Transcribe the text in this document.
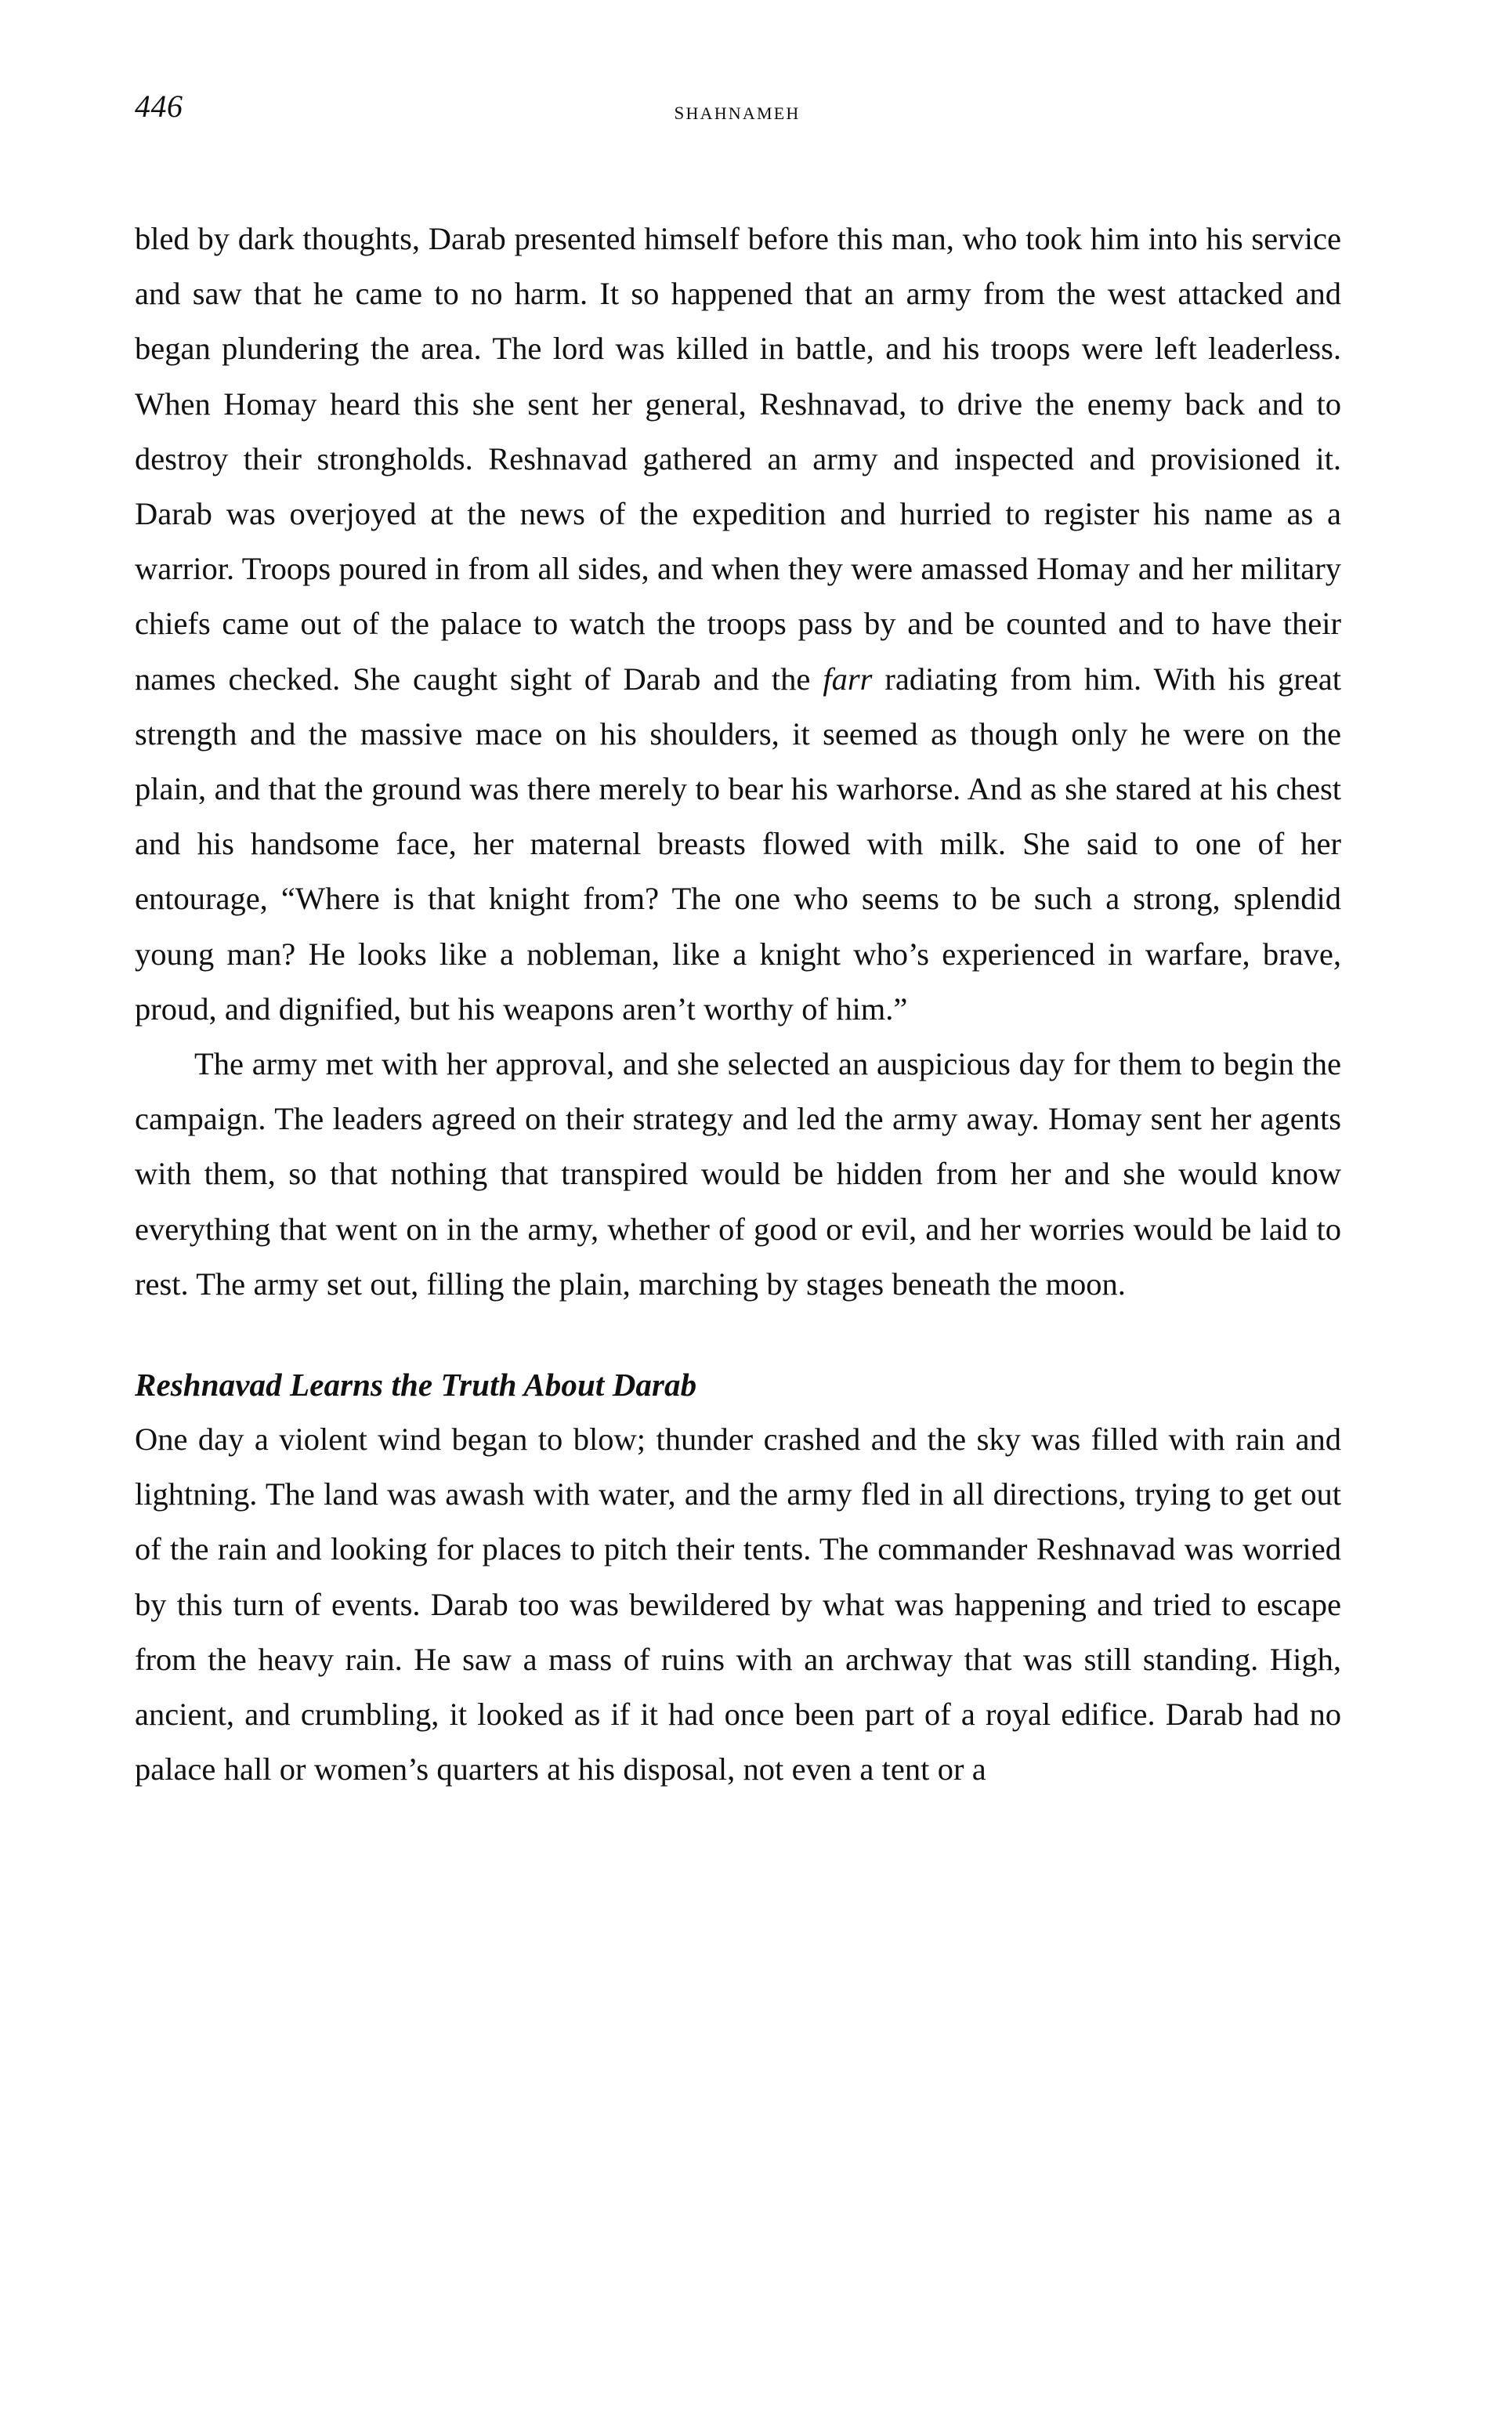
446	shahnameh

bled by dark thoughts, Darab presented himself before this man, who took him into his service and saw that he came to no harm. It so happened that an army from the west attacked and began plundering the area. The lord was killed in battle, and his troops were left leaderless. When Homay heard this she sent her general, Reshnavad, to drive the enemy back and to destroy their strongholds. Reshnavad gathered an army and inspected and provisioned it. Darab was overjoyed at the news of the expedition and hurried to register his name as a warrior. Troops poured in from all sides, and when they were amassed Homay and her military chiefs came out of the palace to watch the troops pass by and be counted and to have their names checked. She caught sight of Darab and the farr radiating from him. With his great strength and the massive mace on his shoulders, it seemed as though only he were on the plain, and that the ground was there merely to bear his warhorse. And as she stared at his chest and his handsome face, her maternal breasts flowed with milk. She said to one of her entourage, “Where is that knight from? The one who seems to be such a strong, splendid young man? He looks like a nobleman, like a knight who’s experienced in warfare, brave, proud, and dignified, but his weapons aren’t worthy of him.”

The army met with her approval, and she selected an auspicious day for them to begin the campaign. The leaders agreed on their strategy and led the army away. Homay sent her agents with them, so that nothing that transpired would be hidden from her and she would know everything that went on in the army, whether of good or evil, and her worries would be laid to rest. The army set out, filling the plain, marching by stages beneath the moon.

Reshnavad Learns the Truth About Darab

One day a violent wind began to blow; thunder crashed and the sky was filled with rain and lightning. The land was awash with water, and the army fled in all directions, trying to get out of the rain and looking for places to pitch their tents. The commander Reshnavad was worried by this turn of events. Darab too was bewildered by what was happening and tried to escape from the heavy rain. He saw a mass of ruins with an archway that was still standing. High, ancient, and crumbling, it looked as if it had once been part of a royal edifice. Darab had no palace hall or women’s quarters at his disposal, not even a tent or a
